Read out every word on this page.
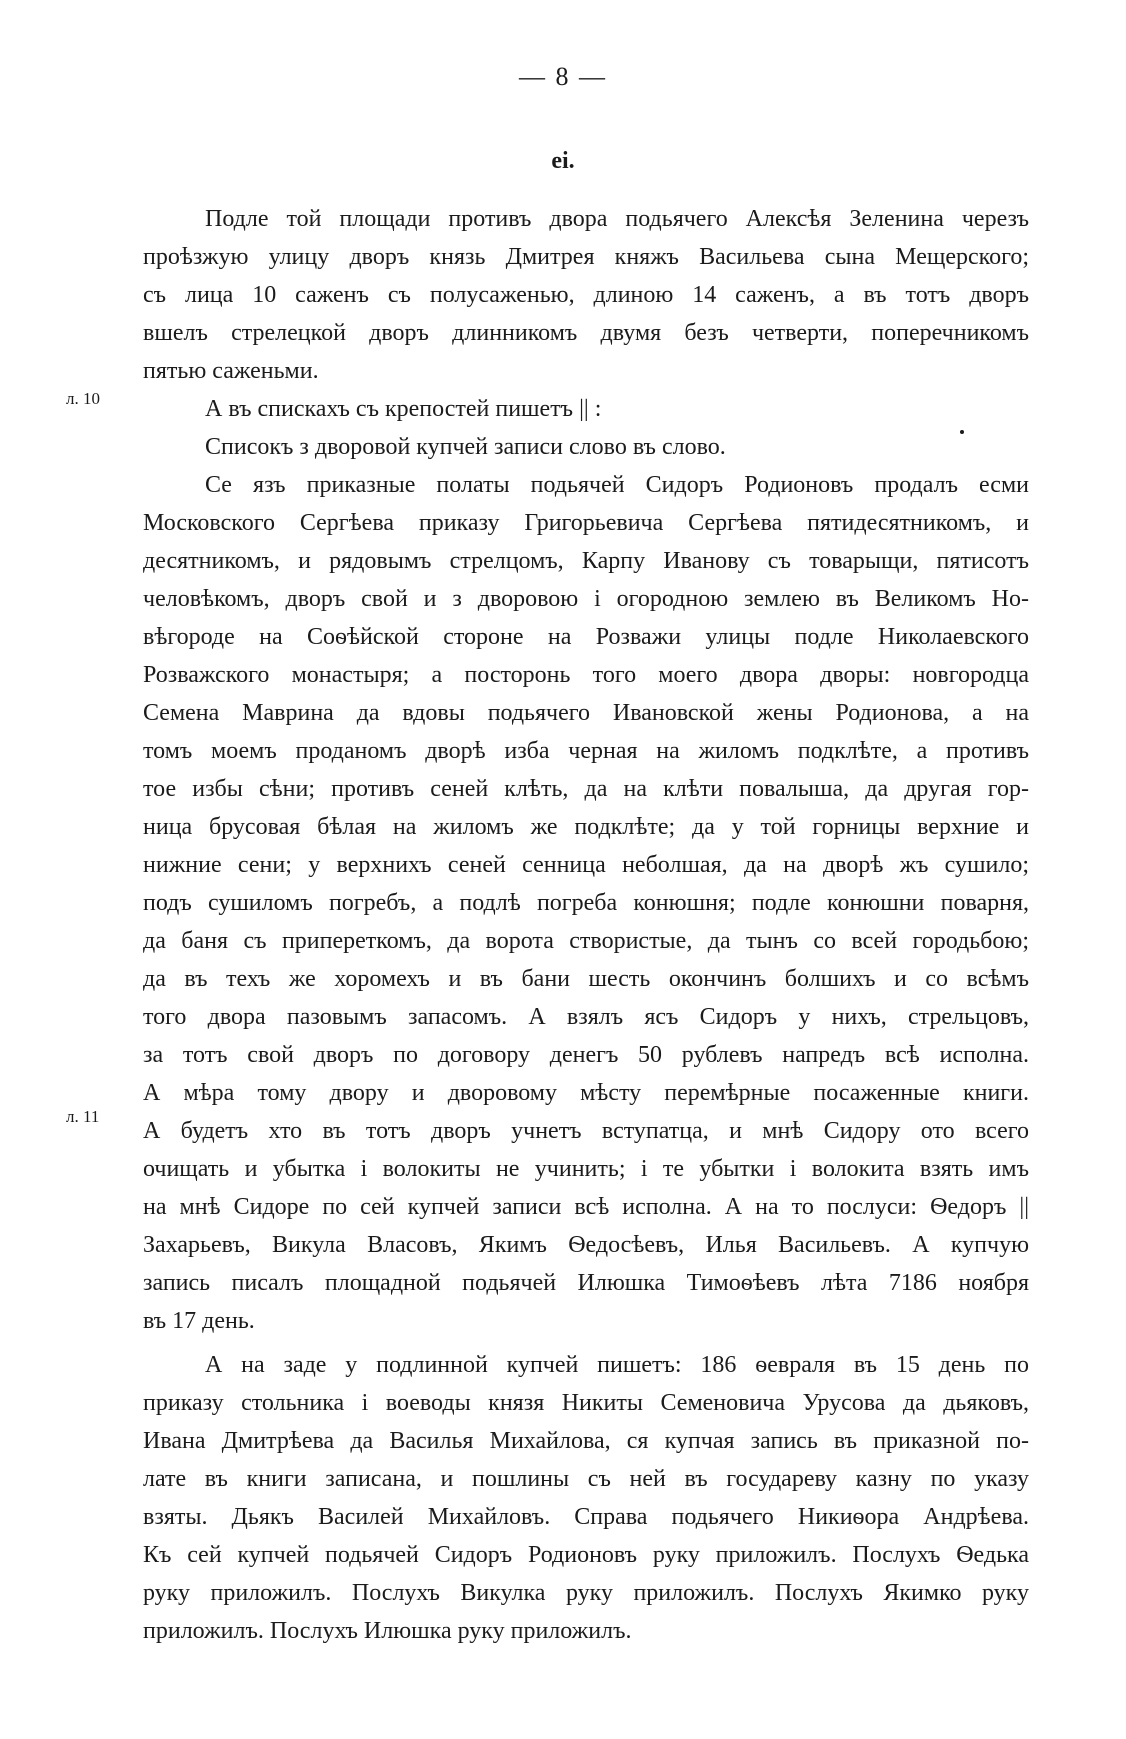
— 8 —
ei.
л. 10
л. 11
Подле той площади противъ двора подьячего Алексѣя Зеленина черезъ
проѣзжую улицу дворъ князь Дмитрея княжъ Васильева сына Мещерского;
съ лица 10 саженъ съ полусаженью, длиною 14 саженъ, а въ тотъ дворъ
вшелъ стрелецкой дворъ длинникомъ двумя безъ четверти, поперечникомъ
пятью саженьми.
А въ спискахъ съ крепостей пишетъ || :
Списокъ з дворовой купчей записи слово въ слово.
Се язъ приказные полаты подьячей Сидоръ Родионовъ продалъ есми
Московского Сергѣева приказу Григорьевича Сергѣева пятидесятникомъ, и
десятникомъ, и рядовымъ стрелцомъ, Карпу Иванову съ товарыщи, пятисотъ
человѣкомъ, дворъ свой и з дворовою і огородною землею въ Великомъ Но-
вѣгороде на Соѳѣйской стороне на Розважи улицы подле Николаевского
Розважского монастыря; а посторонь того моего двора дворы: новгородца
Семена Маврина да вдовы подьячего Ивановской жены Родионова, а на
томъ моемъ проданомъ дворѣ изба черная на жиломъ подклѣте, а противъ
тое избы сѣни; противъ сеней клѣть, да на клѣти повалыша, да другая гор-
ница брусовая бѣлая на жиломъ же подклѣте; да у той горницы верхние и
нижние сени; у верхнихъ сеней сенница неболшая, да на дворѣ жъ сушило;
подъ сушиломъ погребъ, а подлѣ погреба конюшня; подле конюшни поварня,
да баня съ припереткомъ, да ворота створистые, да тынъ со всей городьбою;
да въ техъ же хоромехъ и въ бани шесть окончинъ болшихъ и со всѣмъ
того двора пазовымъ запасомъ. А взялъ ясъ Сидоръ у нихъ, стрельцовъ,
за тотъ свой дворъ по договору денегъ 50 рублевъ напредъ всѣ исполна.
А мѣра тому двору и дворовому мѣсту перемѣрные посаженные книги.
А будетъ хто въ тотъ дворъ учнетъ вступатца, и мнѣ Сидору ото всего
очищать и убытка і волокиты не учинить; і те убытки і волокита взять имъ
на мнѣ Сидоре по сей купчей записи всѣ исполна. А на то послуси: Ѳедоръ ||
Захарьевъ, Викула Власовъ, Якимъ Ѳедосѣевъ, Илья Васильевъ. А купчую
запись писалъ площадной подьячей Илюшка Тимоѳѣевъ лѣта 7186 ноября
въ 17 день.
А на заде у подлинной купчей пишетъ: 186 ѳевраля въ 15 день по
приказу стольника і воеводы князя Никиты Семеновича Урусова да дьяковъ,
Ивана Дмитрѣева да Василья Михайлова, ся купчая запись въ приказной по-
лате въ книги записана, и пошлины съ ней въ государеву казну по указу
взяты. Дьякъ Василей Михайловъ. Справа подьячего Никиѳора Андрѣева.
Къ сей купчей подьячей Сидоръ Родионовъ руку приложилъ. Послухъ Ѳедька
руку приложилъ. Послухъ Викулка руку приложилъ. Послухъ Якимко руку
приложилъ. Послухъ Илюшка руку приложилъ.
